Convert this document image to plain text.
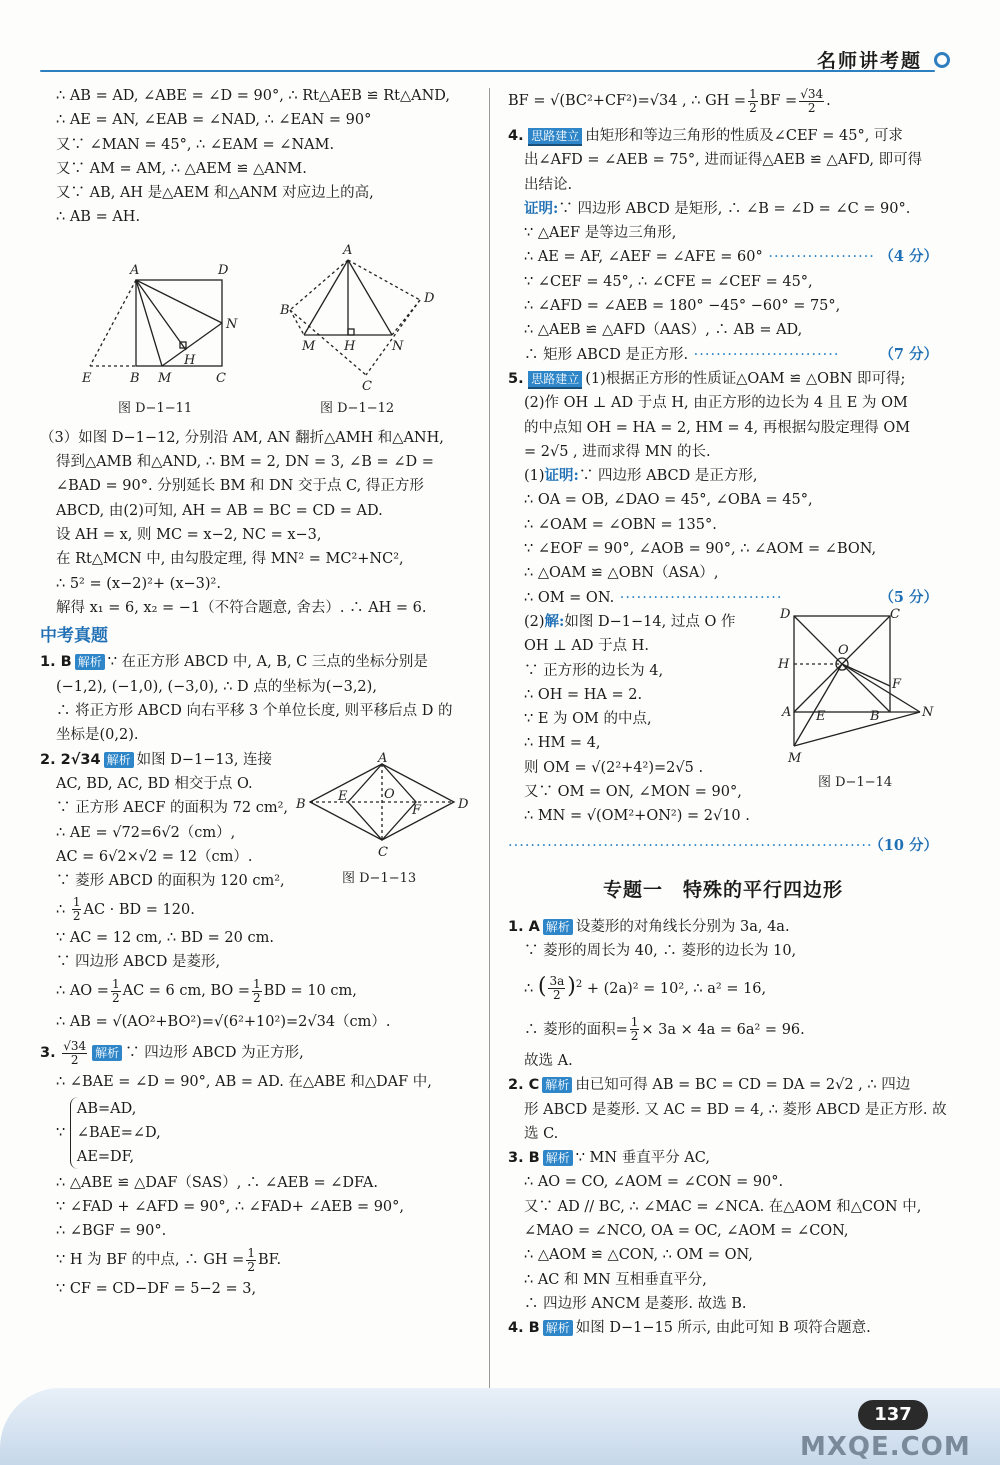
名师讲考题
∴ AB = AD, ∠ABE = ∠D = 90°, ∴ Rt△AEB ≌ Rt△AND,
∴ AE = AN, ∠EAB = ∠NAD, ∴ ∠EAN = 90°
又∵ ∠MAN = 45°, ∴ ∠EAM = ∠NAM.
又∵ AM = AM, ∴ △AEM ≌ △ANM.
又∵ AB, AH 是△AEM 和△ANM 对应边上的高,
∴ AB = AH.
A	D
N
H
E	B M	C
A
D
B
M H	N
C
图 D−1−11	图 D−1−12
（3）如图 D−1−12, 分别沿 AM, AN 翻折△AMH 和△ANH,
得到△AMB 和△AND, ∴ BM = 2, DN = 3, ∠B = ∠D =
∠BAD = 90°. 分别延长 BM 和 DN 交于点 C, 得正方形
ABCD, 由(2)可知, AH = AB = BC = CD = AD.
设 AH = x, 则 MC = x−2, NC = x−3,
在 Rt△MCN 中, 由勾股定理, 得 MN² = MC²+NC²,
∴ 5² = (x−2)²+ (x−3)².
解得 x₁ = 6, x₂ = −1（不符合题意, 舍去）. ∴ AH = 6.
中考真题
1. B 解析 ∵ 在正方形 ABCD 中, A, B, C 三点的坐标分别是
(−1,2), (−1,0), (−3,0), ∴ D 点的坐标为(−3,2),
∴ 将正方形 ABCD 向右平移 3 个单位长度, 则平移后点 D 的
坐标是(0,2).
2. 2√34 解析 如图 D−1−13, 连接
AC, BD, AC, BD 相交于点 O.
∵ 正方形 AECF 的面积为 72 cm²,
∴ AE = √72=6√2（cm）,
AC = 6√2×√2 = 12（cm）.
∵ 菱形 ABCD 的面积为 120 cm²,
A
B
E	O
F	D
C
图 D−1−13
∴ $\frac{1}{2}$ AC · BD = 120.
∵ AC = 12 cm, ∴ BD = 20 cm.
∵ 四边形 ABCD 是菱形,
∴ AO = $\frac{1}{2}$ AC = 6 cm, BO = $\frac{1}{2}$ BD = 10 cm,
∴ AB = √(AO²+BO²)=√(6²+10²)=2√34（cm）.
3. $\frac{√34}{2}$ 解析 ∵ 四边形 ABCD 为正方形,
∴ ∠BAE = ∠D = 90°, AB = AD. 在△ABE 和△DAF 中,
∵
AB=AD,
∠BAE=∠D,
AE=DF,
∴ △ABE ≌ △DAF（SAS）, ∴ ∠AEB = ∠DFA.
∵ ∠FAD + ∠AFD = 90°, ∴ ∠FAD+ ∠AEB = 90°,
∴ ∠BGF = 90°.
∵ H 为 BF 的中点, ∴ GH = $\frac{1}{2}$ BF.
∵ CF = CD−DF = 5−2 = 3,
BF = √(BC²+CF²)=√34 , ∴ GH = $\frac{1}{2}$ BF = $\frac{√34}{2}$ .
4. 思路建立 由矩形和等边三角形的性质及∠CEF = 45°, 可求
出∠AFD = ∠AEB = 75°, 进而证得△AEB ≌ △AFD, 即可得
出结论.
证明:∵ 四边形 ABCD 是矩形, ∴ ∠B = ∠D = ∠C = 90°.
∵ △AEF 是等边三角形,
∴ AE = AF, ∠AEF = ∠AFE = 60° ··················· （4 分）
∵ ∠CEF = 45°, ∴ ∠CFE = ∠CEF = 45°,
∴ ∠AFD = ∠AEB = 180° −45° −60° = 75°,
∴ △AEB ≌ △AFD（AAS）, ∴ AB = AD,
∴ 矩形 ABCD 是正方形. ··························	（7 分）
5. 思路建立 (1)根据正方形的性质证△OAM ≌ △OBN 即可得;
(2)作 OH ⊥ AD 于点 H, 由正方形的边长为 4 且 E 为 OM
的中点知 OH = HA = 2, HM = 4, 再根据勾股定理得 OM
= 2√5 , 进而求得 MN 的长.
(1)证明:∵ 四边形 ABCD 是正方形,
∴ OA = OB, ∠DAO = 45°, ∠OBA = 45°,
∴ ∠OAM = ∠OBN = 135°.
∵ ∠EOF = 90°, ∠AOB = 90°, ∴ ∠AOM = ∠BON,
∴ △OAM ≌ △OBN（ASA）,
∴ OM = ON. ·····························	（5 分）
(2)解:如图 D−1−14, 过点 O 作
OH ⊥ AD 于点 H.
∵ 正方形的边长为 4,
∴ OH = HA = 2.
∵ E 为 OM 的中点,
∴ HM = 4,
则 OM = √(2²+4²)=2√5 .
又∵ OM = ON, ∠MON = 90°,
∴ MN = √(OM²+ON²) = 2√10 .
D	C
H
O
F
A E	B	N
M
图 D−1−14
·································································
（10 分）
专题一　特殊的平行四边形
1. A 解析 设菱形的对角线长分别为 3a, 4a.
∵ 菱形的周长为 40, ∴ 菱形的边长为 10,
∴ ( $\frac{3a}{2} )^2 + (2a)^2 = 10^2$, ∴ a² = 16,
∴ 菱形的面积= $\frac{1}{2} \times 3a \times 4a = 6a^2 = 96$.
故选 A.
2. C 解析 由已知可得 AB = BC = CD = DA = 2√2 , ∴ 四边
形 ABCD 是菱形. 又 AC = BD = 4, ∴ 菱形 ABCD 是正方形. 故
选 C.
3. B 解析 ∵ MN 垂直平分 AC,
∴ AO = CO, ∠AOM = ∠CON = 90°.
又∵ AD // BC, ∴ ∠MAC = ∠NCA. 在△AOM 和△CON 中,
∠MAO = ∠NCO, OA = OC, ∠AOM = ∠CON,
∴ △AOM ≌ △CON, ∴ OM = ON,
∴ AC 和 MN 互相垂直平分,
∴ 四边形 ANCM 是菱形. 故选 B.
4. B 解析 如图 D−1−15 所示, 由此可知 B 项符合题意.
137
MXQE.COM
